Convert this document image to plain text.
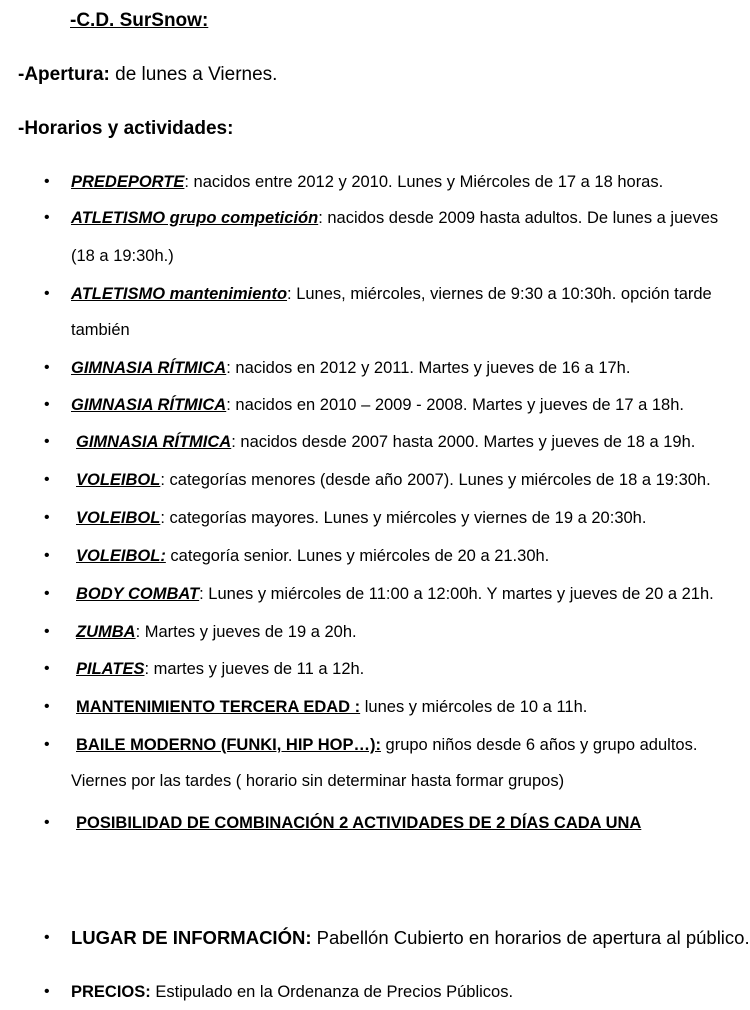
-C.D. SurSnow:
-Apertura: de lunes a Viernes.
-Horarios y actividades:
• PREDEPORTE: nacidos entre 2012 y 2010. Lunes y Miércoles de 17 a 18 horas.
• ATLETISMO grupo competición: nacidos desde 2009 hasta adultos. De lunes a jueves
(18 a 19:30h.)
• ATLETISMO mantenimiento: Lunes, miércoles, viernes de 9:30 a 10:30h. opción tarde
también
• GIMNASIA RÍTMICA: nacidos en 2012 y 2011. Martes y jueves de 16 a 17h.
• GIMNASIA RÍTMICA: nacidos en 2010 – 2009 - 2008. Martes y jueves de 17 a 18h.
• GIMNASIA RÍTMICA: nacidos desde 2007 hasta 2000. Martes y jueves de 18 a 19h.
• VOLEIBOL: categorías menores (desde año 2007). Lunes y miércoles de 18 a 19:30h.
• VOLEIBOL: categorías mayores. Lunes y miércoles y viernes de 19 a 20:30h.
• VOLEIBOL: categoría senior. Lunes y miércoles de 20 a 21.30h.
• BODY COMBAT: Lunes y miércoles de 11:00 a 12:00h. Y martes y jueves de 20 a 21h.
• ZUMBA: Martes y jueves de 19 a 20h.
• PILATES: martes y jueves de 11 a 12h.
• MANTENIMIENTO TERCERA EDAD : lunes y miércoles de 10 a 11h.
• BAILE MODERNO (FUNKI, HIP HOP…): grupo niños desde 6 años y grupo adultos.
Viernes por las tardes ( horario sin determinar hasta formar grupos)
• POSIBILIDAD DE COMBINACIÓN 2 ACTIVIDADES DE 2 DÍAS CADA UNA
• LUGAR DE INFORMACIÓN: Pabellón Cubierto en horarios de apertura al público.
• PRECIOS: Estipulado en la Ordenanza de Precios Públicos.
